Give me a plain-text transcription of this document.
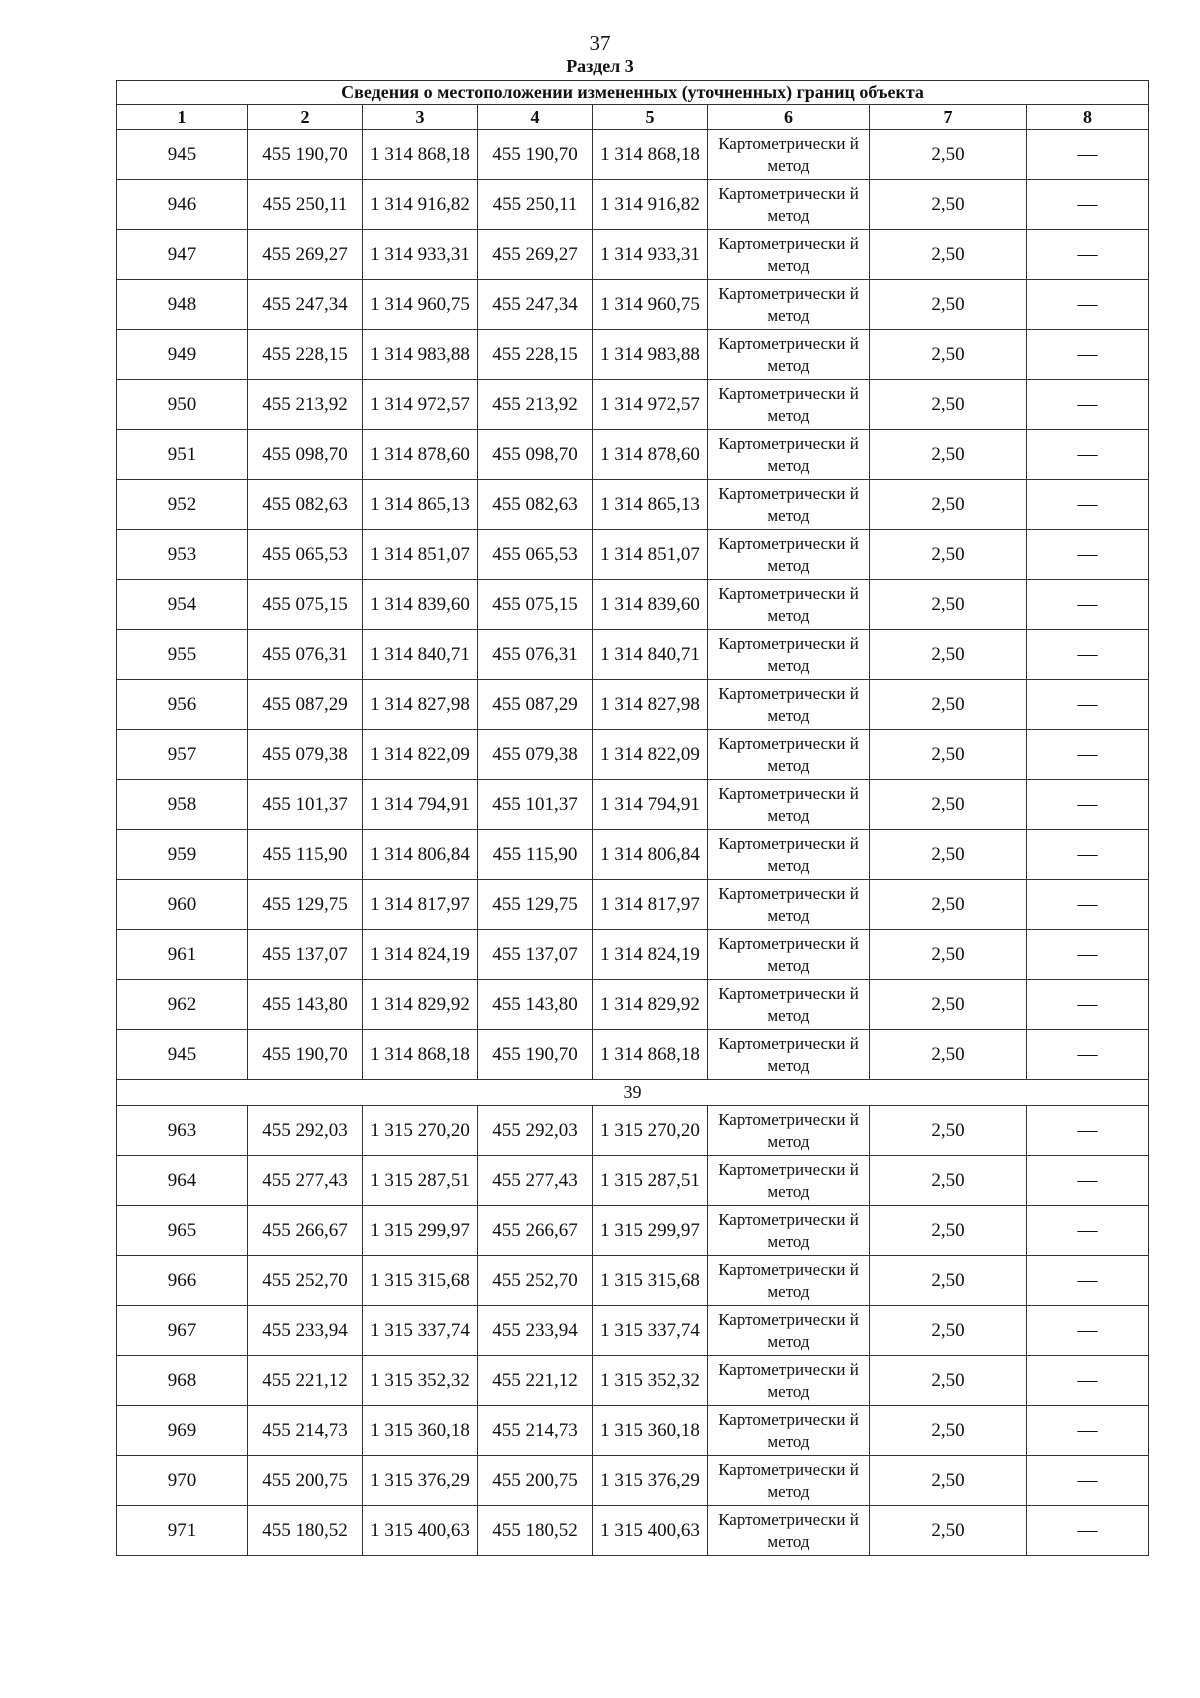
37
Раздел 3
Сведения о местоположении измененных (уточненных) границ объекта							
1	2	3	4	5	6	7	8
945	455 190,70	1 314 868,18	455 190,70	1 314 868,18	Картометрически й метод	2,50	—
946	455 250,11	1 314 916,82	455 250,11	1 314 916,82	Картометрически й метод	2,50	—
947	455 269,27	1 314 933,31	455 269,27	1 314 933,31	Картометрически й метод	2,50	—
948	455 247,34	1 314 960,75	455 247,34	1 314 960,75	Картометрически й метод	2,50	—
949	455 228,15	1 314 983,88	455 228,15	1 314 983,88	Картометрически й метод	2,50	—
950	455 213,92	1 314 972,57	455 213,92	1 314 972,57	Картометрически й метод	2,50	—
951	455 098,70	1 314 878,60	455 098,70	1 314 878,60	Картометрически й метод	2,50	—
952	455 082,63	1 314 865,13	455 082,63	1 314 865,13	Картометрически й метод	2,50	—
953	455 065,53	1 314 851,07	455 065,53	1 314 851,07	Картометрически й метод	2,50	—
954	455 075,15	1 314 839,60	455 075,15	1 314 839,60	Картометрически й метод	2,50	—
955	455 076,31	1 314 840,71	455 076,31	1 314 840,71	Картометрически й метод	2,50	—
956	455 087,29	1 314 827,98	455 087,29	1 314 827,98	Картометрически й метод	2,50	—
957	455 079,38	1 314 822,09	455 079,38	1 314 822,09	Картометрически й метод	2,50	—
958	455 101,37	1 314 794,91	455 101,37	1 314 794,91	Картометрически й метод	2,50	—
959	455 115,90	1 314 806,84	455 115,90	1 314 806,84	Картометрически й метод	2,50	—
960	455 129,75	1 314 817,97	455 129,75	1 314 817,97	Картометрически й метод	2,50	—
961	455 137,07	1 314 824,19	455 137,07	1 314 824,19	Картометрически й метод	2,50	—
962	455 143,80	1 314 829,92	455 143,80	1 314 829,92	Картометрически й метод	2,50	—
945	455 190,70	1 314 868,18	455 190,70	1 314 868,18	Картометрически й метод	2,50	—
39							
963	455 292,03	1 315 270,20	455 292,03	1 315 270,20	Картометрически й метод	2,50	—
964	455 277,43	1 315 287,51	455 277,43	1 315 287,51	Картометрически й метод	2,50	—
965	455 266,67	1 315 299,97	455 266,67	1 315 299,97	Картометрически й метод	2,50	—
966	455 252,70	1 315 315,68	455 252,70	1 315 315,68	Картометрически й метод	2,50	—
967	455 233,94	1 315 337,74	455 233,94	1 315 337,74	Картометрически й метод	2,50	—
968	455 221,12	1 315 352,32	455 221,12	1 315 352,32	Картометрически й метод	2,50	—
969	455 214,73	1 315 360,18	455 214,73	1 315 360,18	Картометрически й метод	2,50	—
970	455 200,75	1 315 376,29	455 200,75	1 315 376,29	Картометрически й метод	2,50	—
971	455 180,52	1 315 400,63	455 180,52	1 315 400,63	Картометрически й метод	2,50	—
